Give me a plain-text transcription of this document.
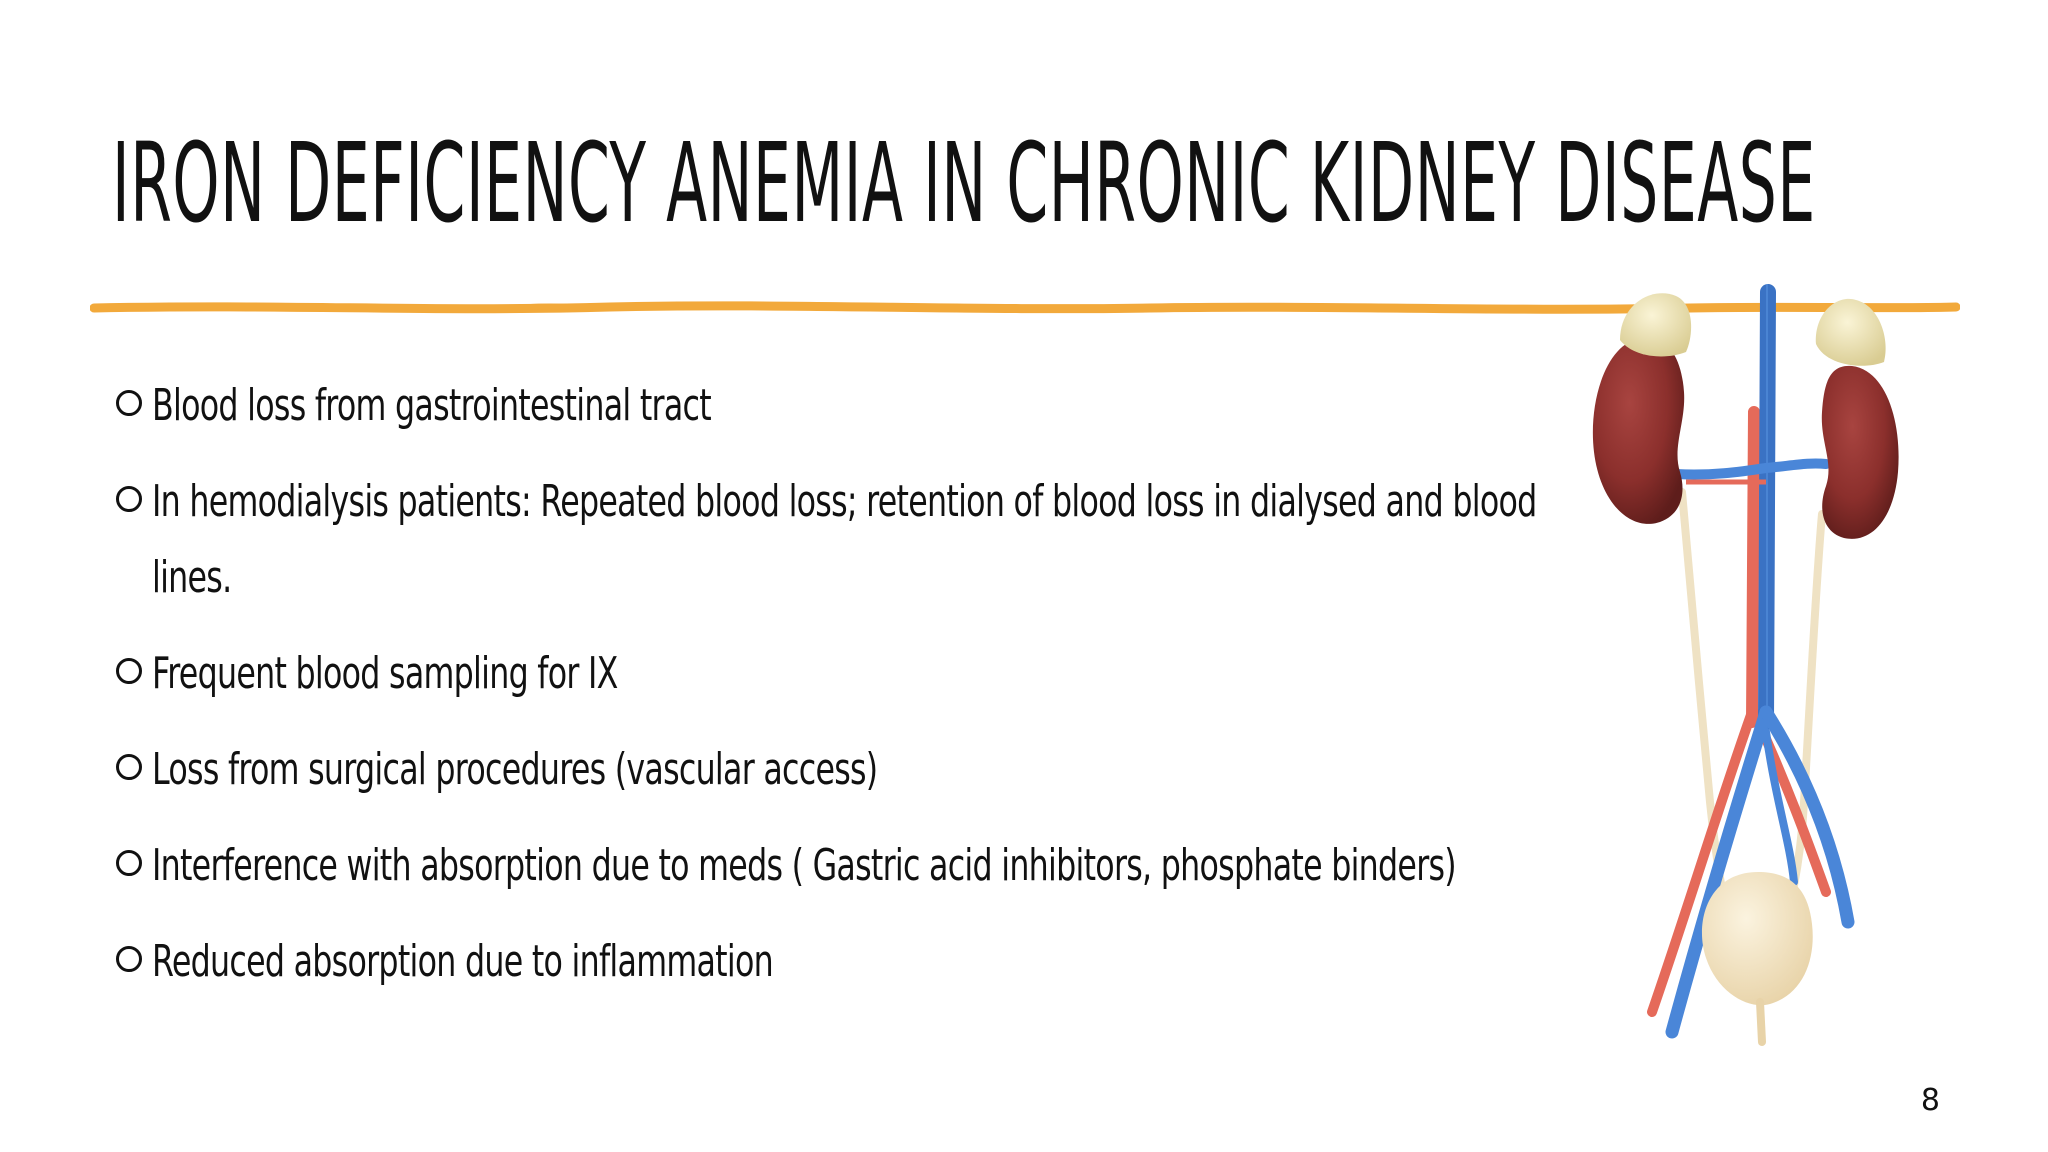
IRON DEFICIENCY ANEMIA IN CHRONIC KIDNEY DISEASE
Blood loss from gastrointestinal tract
In hemodialysis patients: Repeated blood loss; retention of blood loss in dialysed and blood lines.
Frequent blood sampling for IX
Loss from surgical procedures (vascular access)
Interference with absorption due to meds ( Gastric acid inhibitors, phosphate binders)
Reduced absorption due to inflammation
8
